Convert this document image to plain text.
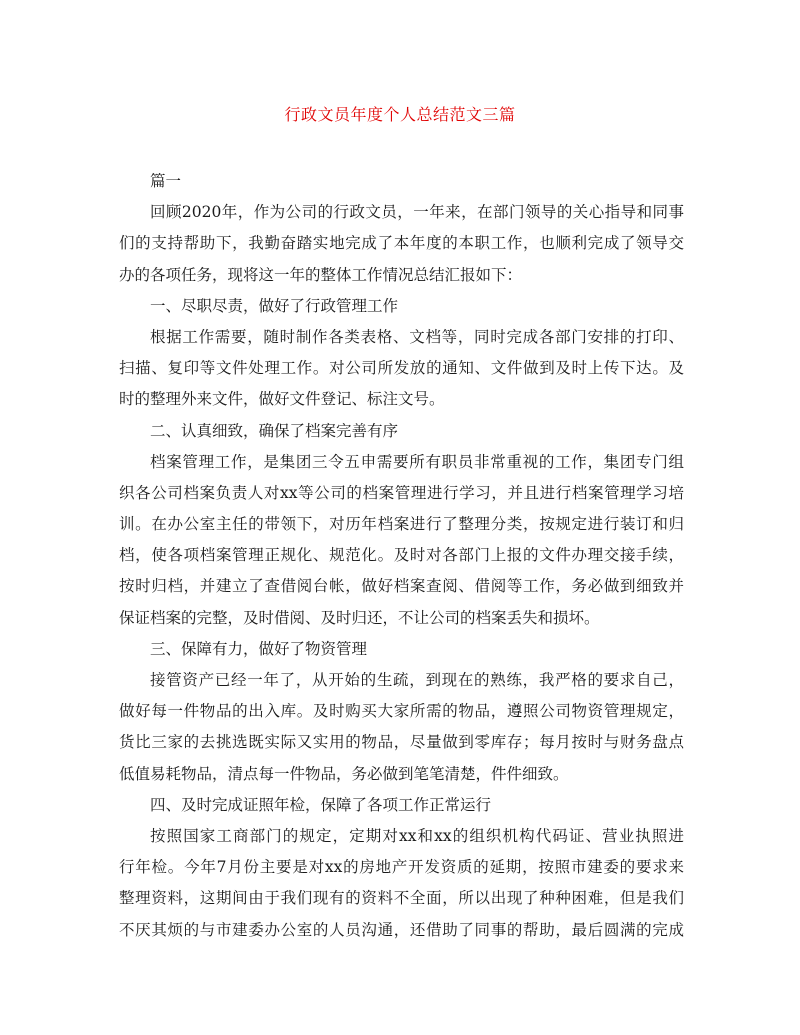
行政文员年度个人总结范文三篇
篇一
回顾2020年，作为公司的行政文员，一年来，在部门领导的关心指导和同事
们的支持帮助下，我勤奋踏实地完成了本年度的本职工作，也顺利完成了领导交
办的各项任务，现将这一年的整体工作情况总结汇报如下：
一、尽职尽责，做好了行政管理工作
根据工作需要，随时制作各类表格、文档等，同时完成各部门安排的打印、
扫描、复印等文件处理工作。对公司所发放的通知、文件做到及时上传下达。及
时的整理外来文件，做好文件登记、标注文号。
二、认真细致，确保了档案完善有序
档案管理工作，是集团三令五申需要所有职员非常重视的工作，集团专门组
织各公司档案负责人对xx等公司的档案管理进行学习，并且进行档案管理学习培
训。在办公室主任的带领下，对历年档案进行了整理分类，按规定进行装订和归
档，使各项档案管理正规化、规范化。及时对各部门上报的文件办理交接手续，
按时归档，并建立了查借阅台帐，做好档案查阅、借阅等工作，务必做到细致并
保证档案的完整，及时借阅、及时归还，不让公司的档案丢失和损坏。
三、保障有力，做好了物资管理
接管资产已经一年了，从开始的生疏，到现在的熟练，我严格的要求自己，
做好每一件物品的出入库。及时购买大家所需的物品，遵照公司物资管理规定，
货比三家的去挑选既实际又实用的物品，尽量做到零库存；每月按时与财务盘点
低值易耗物品，清点每一件物品，务必做到笔笔清楚，件件细致。
四、及时完成证照年检，保障了各项工作正常运行
按照国家工商部门的规定，定期对xx和xx的组织机构代码证、营业执照进
行年检。今年7月份主要是对xx的房地产开发资质的延期，按照市建委的要求来
整理资料，这期间由于我们现有的资料不全面，所以出现了种种困难，但是我们
不厌其烦的与市建委办公室的人员沟通，还借助了同事的帮助，最后圆满的完成
